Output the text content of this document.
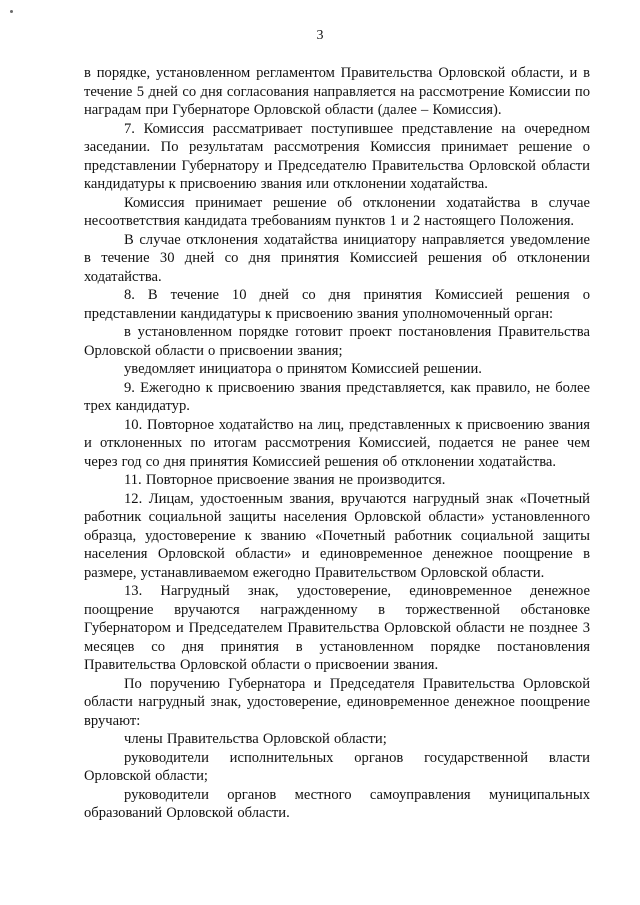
3

в порядке, установленном регламентом Правительства Орловской области, и в течение 5 дней со дня согласования направляется на рассмотрение Комиссии по наградам при Губернаторе Орловской области (далее – Комиссия).

7. Комиссия рассматривает поступившее представление на очередном заседании. По результатам рассмотрения Комиссия принимает решение о представлении Губернатору и Председателю Правительства Орловской области кандидатуры к присвоению звания или отклонении ходатайства.

Комиссия принимает решение об отклонении ходатайства в случае несоответствия кандидата требованиям пунктов 1 и 2 настоящего Положения.

В случае отклонения ходатайства инициатору направляется уведомление в течение 30 дней со дня принятия Комиссией решения об отклонении ходатайства.

8. В течение 10 дней со дня принятия Комиссией решения о представлении кандидатуры к присвоению звания уполномоченный орган:

в установленном порядке готовит проект постановления Правительства Орловской области о присвоении звания;

уведомляет инициатора о принятом Комиссией решении.

9. Ежегодно к присвоению звания представляется, как правило, не более трех кандидатур.

10. Повторное ходатайство на лиц, представленных к присвоению звания и отклоненных по итогам рассмотрения Комиссией, подается не ранее чем через год со дня принятия Комиссией решения об отклонении ходатайства.

11. Повторное присвоение звания не производится.

12. Лицам, удостоенным звания, вручаются нагрудный знак «Почетный работник социальной защиты населения Орловской области» установленного образца, удостоверение к званию «Почетный работник социальной защиты населения Орловской области» и единовременное денежное поощрение в размере, устанавливаемом ежегодно Правительством Орловской области.

13. Нагрудный знак, удостоверение, единовременное денежное поощрение вручаются награжденному в торжественной обстановке Губернатором и Председателем Правительства Орловской области не позднее 3 месяцев со дня принятия в установленном порядке постановления Правительства Орловской области о присвоении звания.

По поручению Губернатора и Председателя Правительства Орловской области нагрудный знак, удостоверение, единовременное денежное поощрение вручают:

члены Правительства Орловской области;

руководители исполнительных органов государственной власти Орловской области;

руководители органов местного самоуправления муниципальных образований Орловской области.
